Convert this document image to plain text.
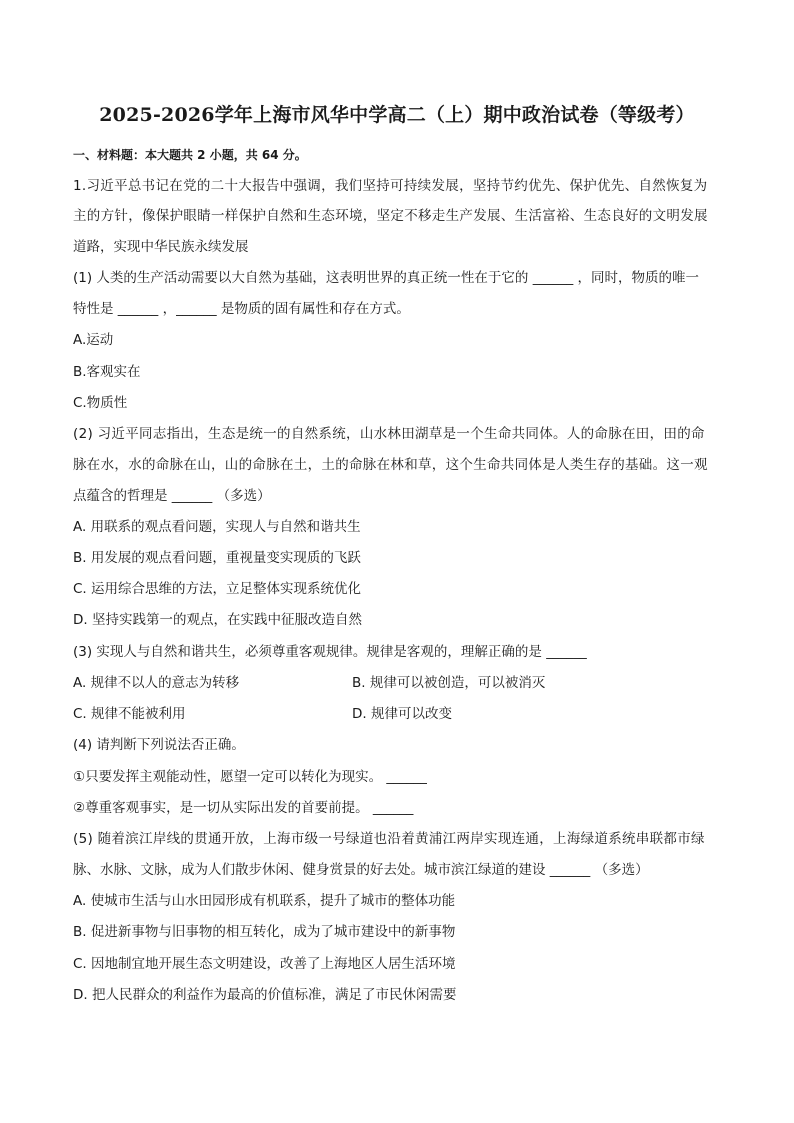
2025-2026学年上海市风华中学高二（上）期中政治试卷（等级考）
一、材料题：本大题共 2 小题，共 64 分。
1.习近平总书记在党的二十大报告中强调，我们坚持可持续发展，坚持节约优先、保护优先、自然恢复为
主的方针，像保护眼睛一样保护自然和生态环境，坚定不移走生产发展、生活富裕、生态良好的文明发展
道路，实现中华民族永续发展
(1) 人类的生产活动需要以大自然为基础，这表明世界的真正统一性在于它的 ______ ，同时，物质的唯一
特性是 ______ ，______ 是物质的固有属性和存在方式。
A.运动
B.客观实在
C.物质性
(2) 习近平同志指出，生态是统一的自然系统，山水林田湖草是一个生命共同体。人的命脉在田，田的命
脉在水，水的命脉在山，山的命脉在土，土的命脉在林和草，这个生命共同体是人类生存的基础。这一观
点蕴含的哲理是 ______ （多选）
A. 用联系的观点看问题，实现人与自然和谐共生
B. 用发展的观点看问题，重视量变实现质的飞跃
C. 运用综合思维的方法，立足整体实现系统优化
D. 坚持实践第一的观点，在实践中征服改造自然
(3) 实现人与自然和谐共生，必须尊重客观规律。规律是客观的，理解正确的是 ______
A. 规律不以人的意志为转移	B. 规律可以被创造，可以被消灭
C. 规律不能被利用	D. 规律可以改变
(4) 请判断下列说法否正确。
①只要发挥主观能动性，愿望一定可以转化为现实。 ______
②尊重客观事实，是一切从实际出发的首要前提。 ______
(5) 随着滨江岸线的贯通开放，上海市级一号绿道也沿着黄浦江两岸实现连通，上海绿道系统串联都市绿
脉、水脉、文脉，成为人们散步休闲、健身赏景的好去处。城市滨江绿道的建设 ______ （多选）
A. 使城市生活与山水田园形成有机联系，提升了城市的整体功能
B. 促进新事物与旧事物的相互转化，成为了城市建设中的新事物
C. 因地制宜地开展生态文明建设，改善了上海地区人居生活环境
D. 把人民群众的利益作为最高的价值标准，满足了市民休闲需要
